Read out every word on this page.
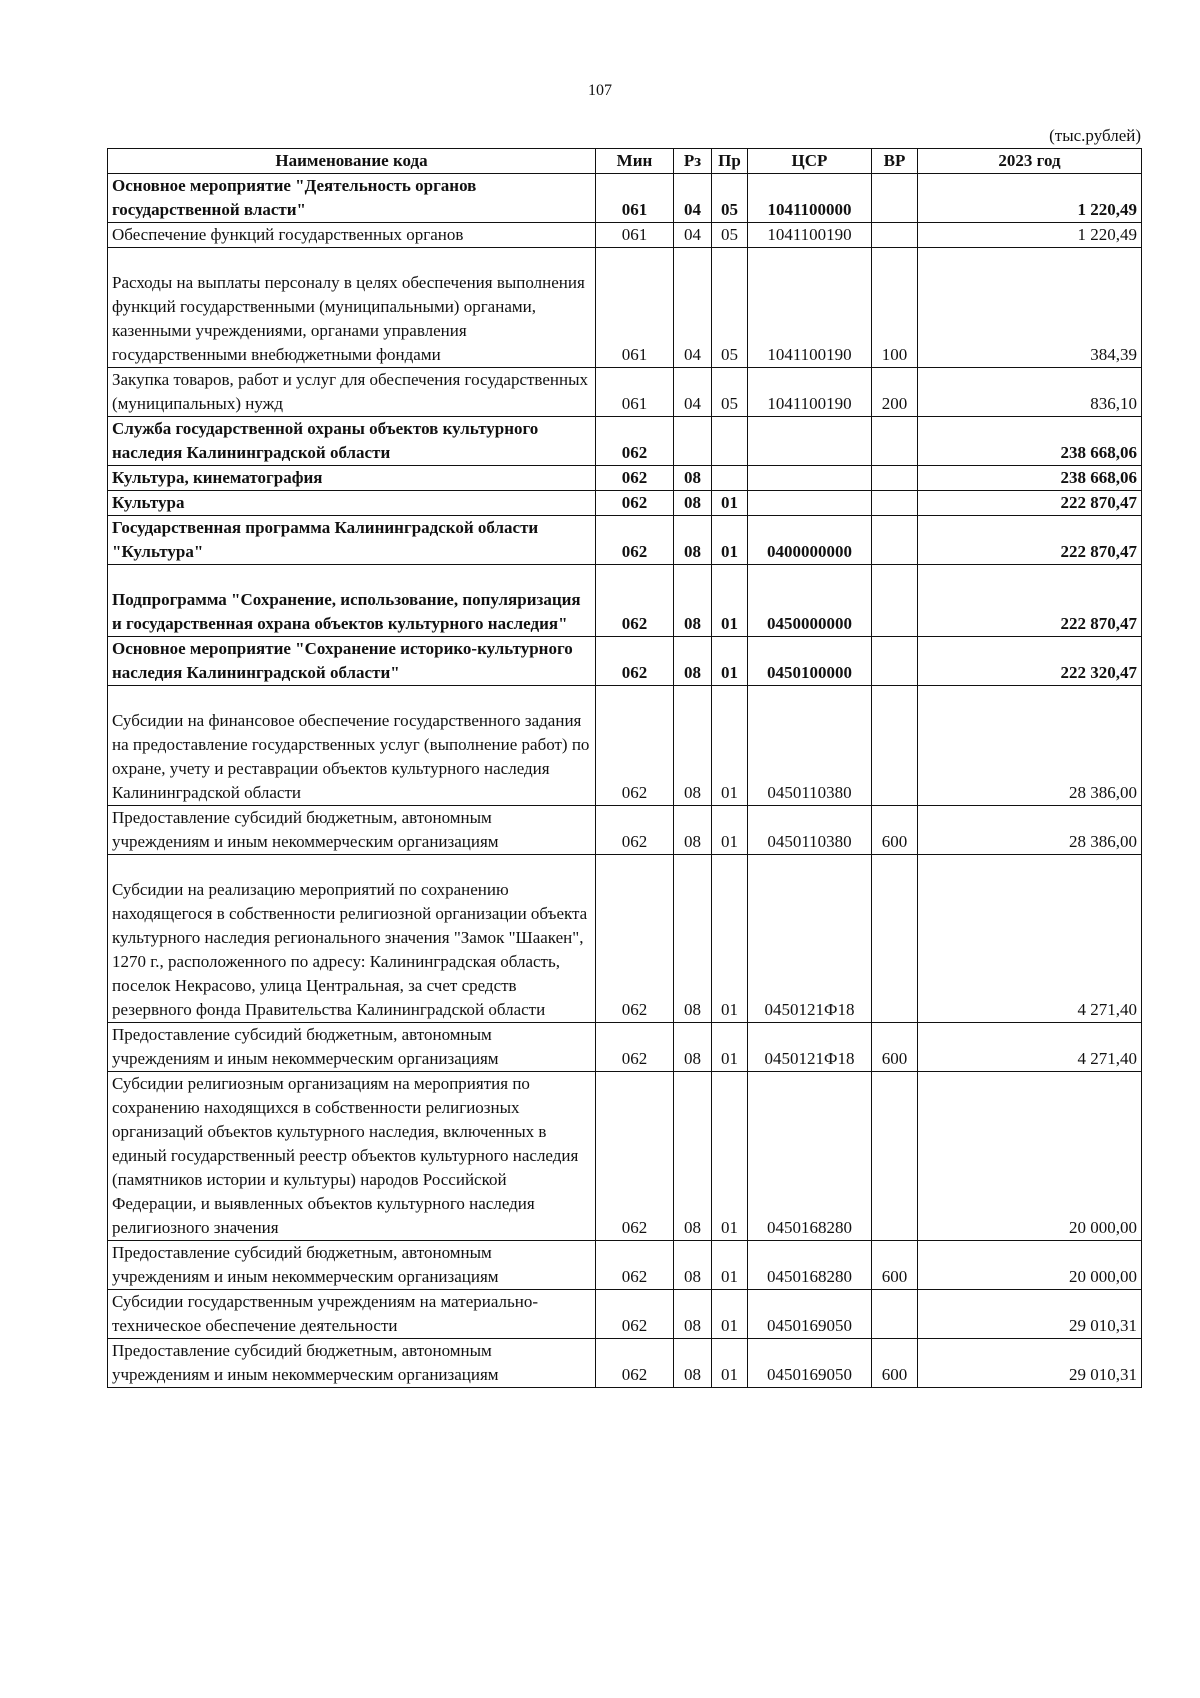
107
(тыс.рублей)
Наименование кода	Мин	Рз	Пр	ЦСР	ВР	2023 год
Основное мероприятие "Деятельность органов государственной власти"	061	04	05	1041100000		1 220,49
Обеспечение функций государственных органов	061	04	05	1041100190		1 220,49
Расходы на выплаты персоналу в целях обеспечения выполнения функций государственными (муниципальными) органами, казенными учреждениями, органами управления государственными внебюджетными фондами	061	04	05	1041100190	100	384,39
Закупка товаров, работ и услуг для обеспечения государственных (муниципальных) нужд	061	04	05	1041100190	200	836,10
Служба государственной охраны объектов культурного наследия Калининградской области	062					238 668,06
Культура, кинематография	062	08				238 668,06
Культура	062	08	01			222 870,47
Государственная программа Калининградской области "Культура"	062	08	01	0400000000		222 870,47
Подпрограмма "Сохранение, использование, популяризация и государственная охрана объектов культурного наследия"	062	08	01	0450000000		222 870,47
Основное мероприятие "Сохранение историко-культурного наследия Калининградской области"	062	08	01	0450100000		222 320,47
Субсидии на финансовое обеспечение государственного задания на предоставление государственных услуг (выполнение работ) по охране, учету и реставрации объектов культурного наследия Калининградской области	062	08	01	0450110380		28 386,00
Предоставление субсидий бюджетным, автономным учреждениям и иным некоммерческим организациям	062	08	01	0450110380	600	28 386,00
Субсидии на реализацию мероприятий по сохранению находящегося в собственности религиозной организации объекта культурного наследия регионального значения "Замок "Шаакен", 1270 г., расположенного по адресу: Калининградская область, поселок Некрасово, улица Центральная, за счет средств резервного фонда Правительства Калининградской области	062	08	01	0450121Ф18		4 271,40
Предоставление субсидий бюджетным, автономным учреждениям и иным некоммерческим организациям	062	08	01	0450121Ф18	600	4 271,40
Субсидии религиозным организациям на мероприятия по сохранению находящихся в собственности религиозных организаций объектов культурного наследия, включенных в единый государственный реестр объектов культурного наследия (памятников истории и культуры) народов Российской Федерации, и выявленных объектов культурного наследия религиозного значения	062	08	01	0450168280		20 000,00
Предоставление субсидий бюджетным, автономным учреждениям и иным некоммерческим организациям	062	08	01	0450168280	600	20 000,00
Субсидии государственным учреждениям на материально-техническое обеспечение деятельности	062	08	01	0450169050		29 010,31
Предоставление субсидий бюджетным, автономным учреждениям и иным некоммерческим организациям	062	08	01	0450169050	600	29 010,31
